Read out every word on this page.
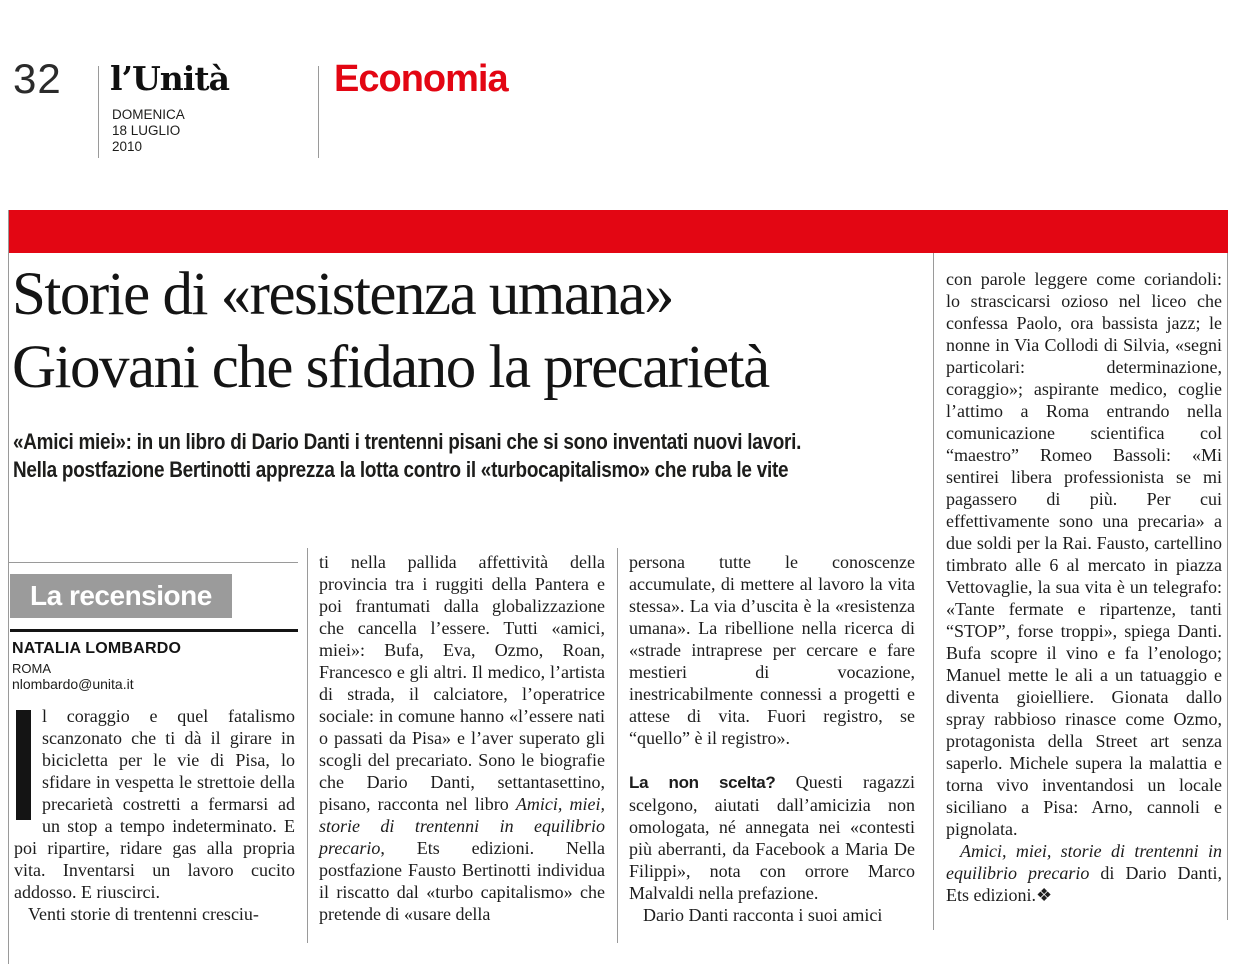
32 l’Unità
DOMENICA
18 LUGLIO
2010
Economia
Storie di «resistenza umana»
Giovani che sfidano la precarietà
«Amici miei»: in un libro di Dario Danti i trentenni pisani che si sono inventati nuovi lavori.
Nella postfazione Bertinotti apprezza la lotta contro il «turbocapitalismo» che ruba le vite
La recensione
NATALIA LOMBARDO
ROMA
nlombardo@unita.it

I	l coraggio e quel fatalismo scanzonato che ti dà il girare in bicicletta per le vie di Pisa, lo sfidare in vespetta le strettoie della precarietà costretti a fermarsi ad un stop a tempo indeterminato. E poi ripartire, ridare gas alla propria vita. Inventarsi un lavoro cucito addosso. E riuscirci.

Venti storie di trentenni cresciu-

ti nella pallida affettività della provincia tra i ruggiti della Pantera e poi frantumati dalla globalizzazione che cancella l’essere. Tutti «amici, miei»: Bufa, Eva, Ozmo, Roan, Francesco e gli altri. Il medico, l’artista di strada, il calciatore, l’operatrice sociale: in comune hanno «l’essere nati o passati da Pisa» e l’aver superato gli scogli del precariato. Sono le biografie che Dario Danti, settantasettino, pisano, racconta nel libro Amici, miei, storie di trentenni in equilibrio precario, Ets edizioni. Nella postfazione Fausto Bertinotti individua il riscatto dal «turbo capitalismo» che pretende di «usare della

persona tutte le conoscenze accumulate, di mettere al lavoro la vita stessa». La via d’uscita è la «resistenza umana». La ribellione nella ricerca di «strade intraprese per cercare e fare mestieri di vocazione, inestricabilmente connessi a progetti e attese di vita. Fuori registro, se “quello” è il registro».

La non scelta? Questi ragazzi scelgono, aiutati dall’amicizia non omologata, né annegata nei «contesti più aberranti, da Facebook a Maria De Filippi», nota con orrore Marco Malvaldi nella prefazione.

Dario Danti racconta i suoi amici

con parole leggere come coriandoli: lo strascicarsi ozioso nel liceo che confessa Paolo, ora bassista jazz; le nonne in Via Collodi di Silvia, «segni particolari: determinazione, coraggio»; aspirante medico, coglie l’attimo a Roma entrando nella comunicazione scientifica col “maestro” Romeo Bassoli: «Mi sentirei libera professionista se mi pagassero di più. Per cui effettivamente sono una precaria» a due soldi per la Rai. Fausto, cartellino timbrato alle 6 al mercato in piazza Vettovaglie, la sua vita è un telegrafo: «Tante fermate e ripartenze, tanti “STOP”, forse troppi», spiega Danti. Bufa scopre il vino e fa l’enologo; Manuel mette le ali a un tatuaggio e diventa gioielliere. Gionata dallo spray rabbioso rinasce come Ozmo, protagonista della Street art senza saperlo. Michele supera la malattia e torna vivo inventandosi un locale siciliano a Pisa: Arno, cannoli e pignolata.

Amici, miei, storie di trentenni in equilibrio precario di Dario Danti, Ets edizioni.❖
